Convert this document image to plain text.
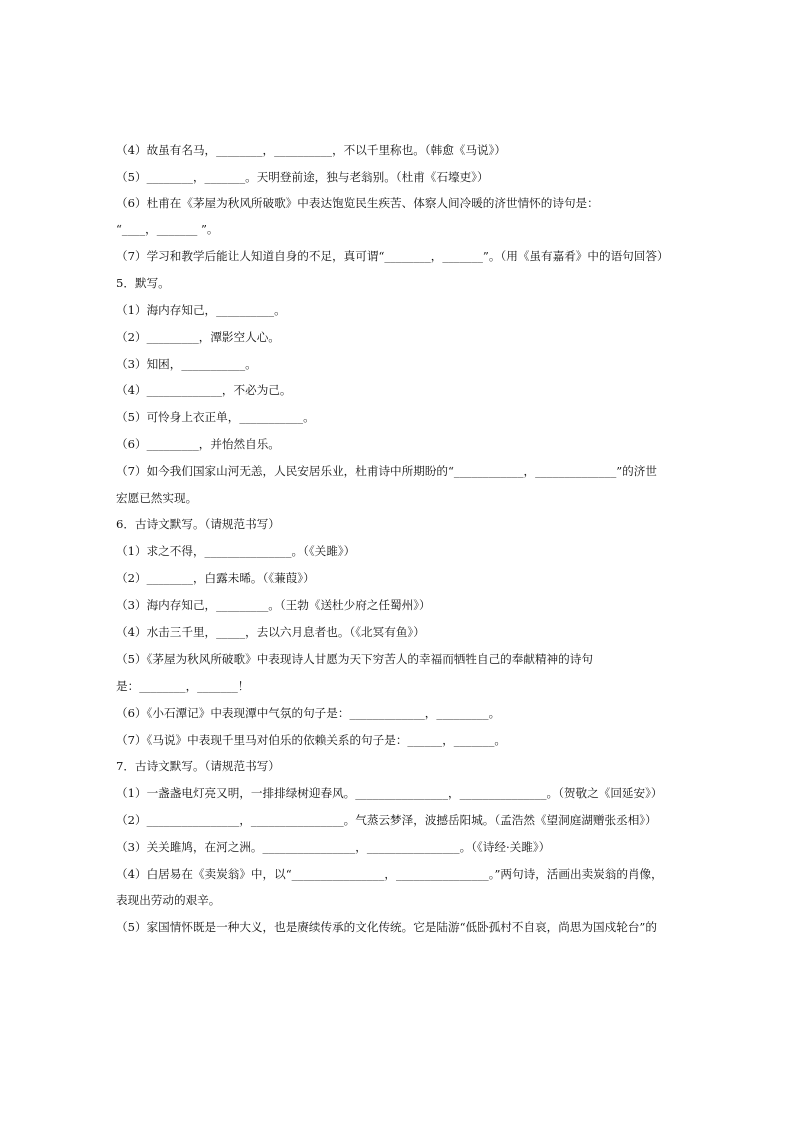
（4）故虽有名马，________，__________，不以千里称也。（韩愈《马说》）
（5）________，_______。天明登前途，独与老翁别。（杜甫《石壕吏》）
（6）杜甫在《茅屋为秋风所破歌》中表达饱览民生疾苦、体察人间冷暖的济世情怀的诗句是：
“____，_______ ”。
（7）学习和教学后能让人知道自身的不足，真可谓“________，_______”。（用《虽有嘉肴》中的语句回答）
5．默写。
（1）海内存知己，__________。
（2）_________，潭影空人心。
（3）知困，___________。
（4）_____________，不必为己。
（5）可怜身上衣正单，___________。
（6）_________，并怡然自乐。
（7）如今我们国家山河无恙，人民安居乐业，杜甫诗中所期盼的“____________，______________”的济世
宏愿已然实现。
6．古诗文默写。（请规范书写）
（1）求之不得，_______________。（《关雎》）
（2）________，白露未晞。（《蒹葭》）
（3）海内存知己，_________。（王勃《送杜少府之任蜀州》）
（4）水击三千里，_____，去以六月息者也。（《北冥有鱼》）
（5）《茅屋为秋风所破歌》中表现诗人甘愿为天下穷苦人的幸福而牺牲自己的奉献精神的诗句
是：________，_______！
（6）《小石潭记》中表现潭中气氛的句子是：_____________，_________。
（7）《马说》中表现千里马对伯乐的依赖关系的句子是：______，_______。
7．古诗文默写。（请规范书写）
（1）一盏盏电灯亮又明，一排排绿树迎春风。________________，_______________。（贺敬之《回延安》）
（2）________________，________________。气蒸云梦泽，波撼岳阳城。（孟浩然《望洞庭湖赠张丞相》）
（3）关关雎鸠，在河之洲。________________，________________。（《诗经·关雎》）
（4）白居易在《卖炭翁》中，以“________________，________________。”两句诗，活画出卖炭翁的肖像，
表现出劳动的艰辛。
（5）家国情怀既是一种大义，也是赓续传承的文化传统。它是陆游“低卧孤村不自哀，尚思为国戍轮台”的
